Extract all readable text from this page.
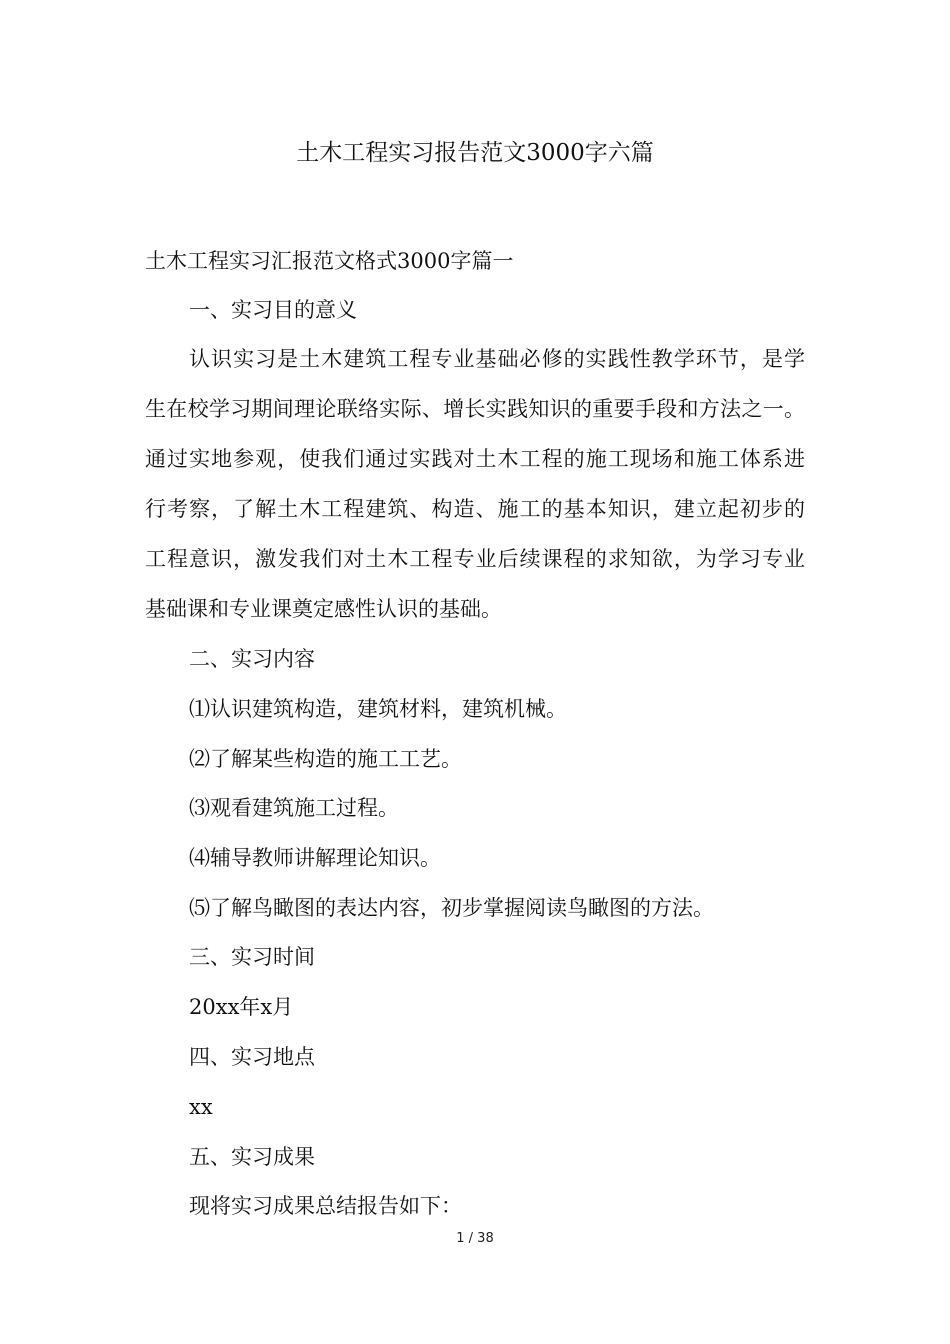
土木工程实习报告范文3000字六篇
土木工程实习汇报范文格式3000字篇一
一、实习目的意义
认识实习是土木建筑工程专业基础必修的实践性教学环节，是学
生在校学习期间理论联络实际、增长实践知识的重要手段和方法之一。
通过实地参观，使我们通过实践对土木工程的施工现场和施工体系进
行考察，了解土木工程建筑、构造、施工的基本知识，建立起初步的
工程意识，激发我们对土木工程专业后续课程的求知欲，为学习专业
基础课和专业课奠定感性认识的基础。
二、实习内容
⑴认识建筑构造，建筑材料，建筑机械。
⑵了解某些构造的施工工艺。
⑶观看建筑施工过程。
⑷辅导教师讲解理论知识。
⑸了解鸟瞰图的表达内容，初步掌握阅读鸟瞰图的方法。
三、实习时间
20xx年x月
四、实习地点
xx
五、实习成果
现将实习成果总结报告如下：
1 / 38
